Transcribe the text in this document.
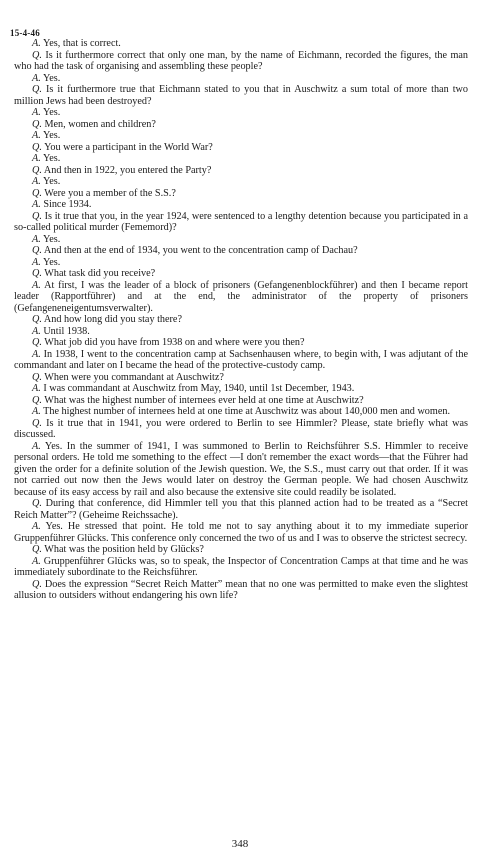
15-4-46

A. Yes, that is correct.

Q. Is it furthermore correct that only one man, by the name of Eichmann, recorded the figures, the man who had the task of organising and assembling these people?

A. Yes.

Q. Is it furthermore true that Eichmann stated to you that in Auschwitz a sum total of more than two million Jews had been destroyed?

A. Yes.

Q. Men, women and children?

A. Yes.

Q. You were a participant in the World War?

A. Yes.

Q. And then in 1922, you entered the Party?

A. Yes.

Q. Were you a member of the S.S.?

A. Since 1934.

Q. Is it true that you, in the year 1924, were sentenced to a lengthy detention because you participated in a so-called political murder (Fememord)?

A. Yes.

Q. And then at the end of 1934, you went to the concentration camp of Dachau?

A. Yes.

Q. What task did you receive?

A. At first, I was the leader of a block of prisoners (Gefangenenblockführer) and then I became report leader (Rapportführer) and at the end, the administrator of the property of prisoners (Gefangeneneigentumsverwalter).

Q. And how long did you stay there?

A. Until 1938.

Q. What job did you have from 1938 on and where were you then?

A. In 1938, I went to the concentration camp at Sachsenhausen where, to begin with, I was adjutant of the commandant and later on I became the head of the protective-custody camp.

Q. When were you commandant at Auschwitz?

A. I was commandant at Auschwitz from May, 1940, until 1st December, 1943.

Q. What was the highest number of internees ever held at one time at Auschwitz?

A. The highest number of internees held at one time at Auschwitz was about 140,000 men and women.

Q. Is it true that in 1941, you were ordered to Berlin to see Himmler? Please, state briefly what was discussed.

A. Yes. In the summer of 1941, I was summoned to Berlin to Reichsführer S.S. Himmler to receive personal orders. He told me something to the effect —I don't remember the exact words—that the Führer had given the order for a definite solution of the Jewish question. We, the S.S., must carry out that order. If it was not carried out now then the Jews would later on destroy the German people. We had chosen Auschwitz because of its easy access by rail and also because the extensive site could readily be isolated.

Q. During that conference, did Himmler tell you that this planned action had to be treated as a “Secret Reich Matter”? (Geheime Reichssache).

A. Yes. He stressed that point. He told me not to say anything about it to my immediate superior Gruppenführer Glücks. This conference only concerned the two of us and I was to observe the strictest secrecy.

Q. What was the position held by Glücks?

A. Gruppenführer Glücks was, so to speak, the Inspector of Concentration Camps at that time and he was immediately subordinate to the Reichsführer.

Q. Does the expression “Secret Reich Matter” mean that no one was permitted to make even the slightest allusion to outsiders without endangering his own life?

348
